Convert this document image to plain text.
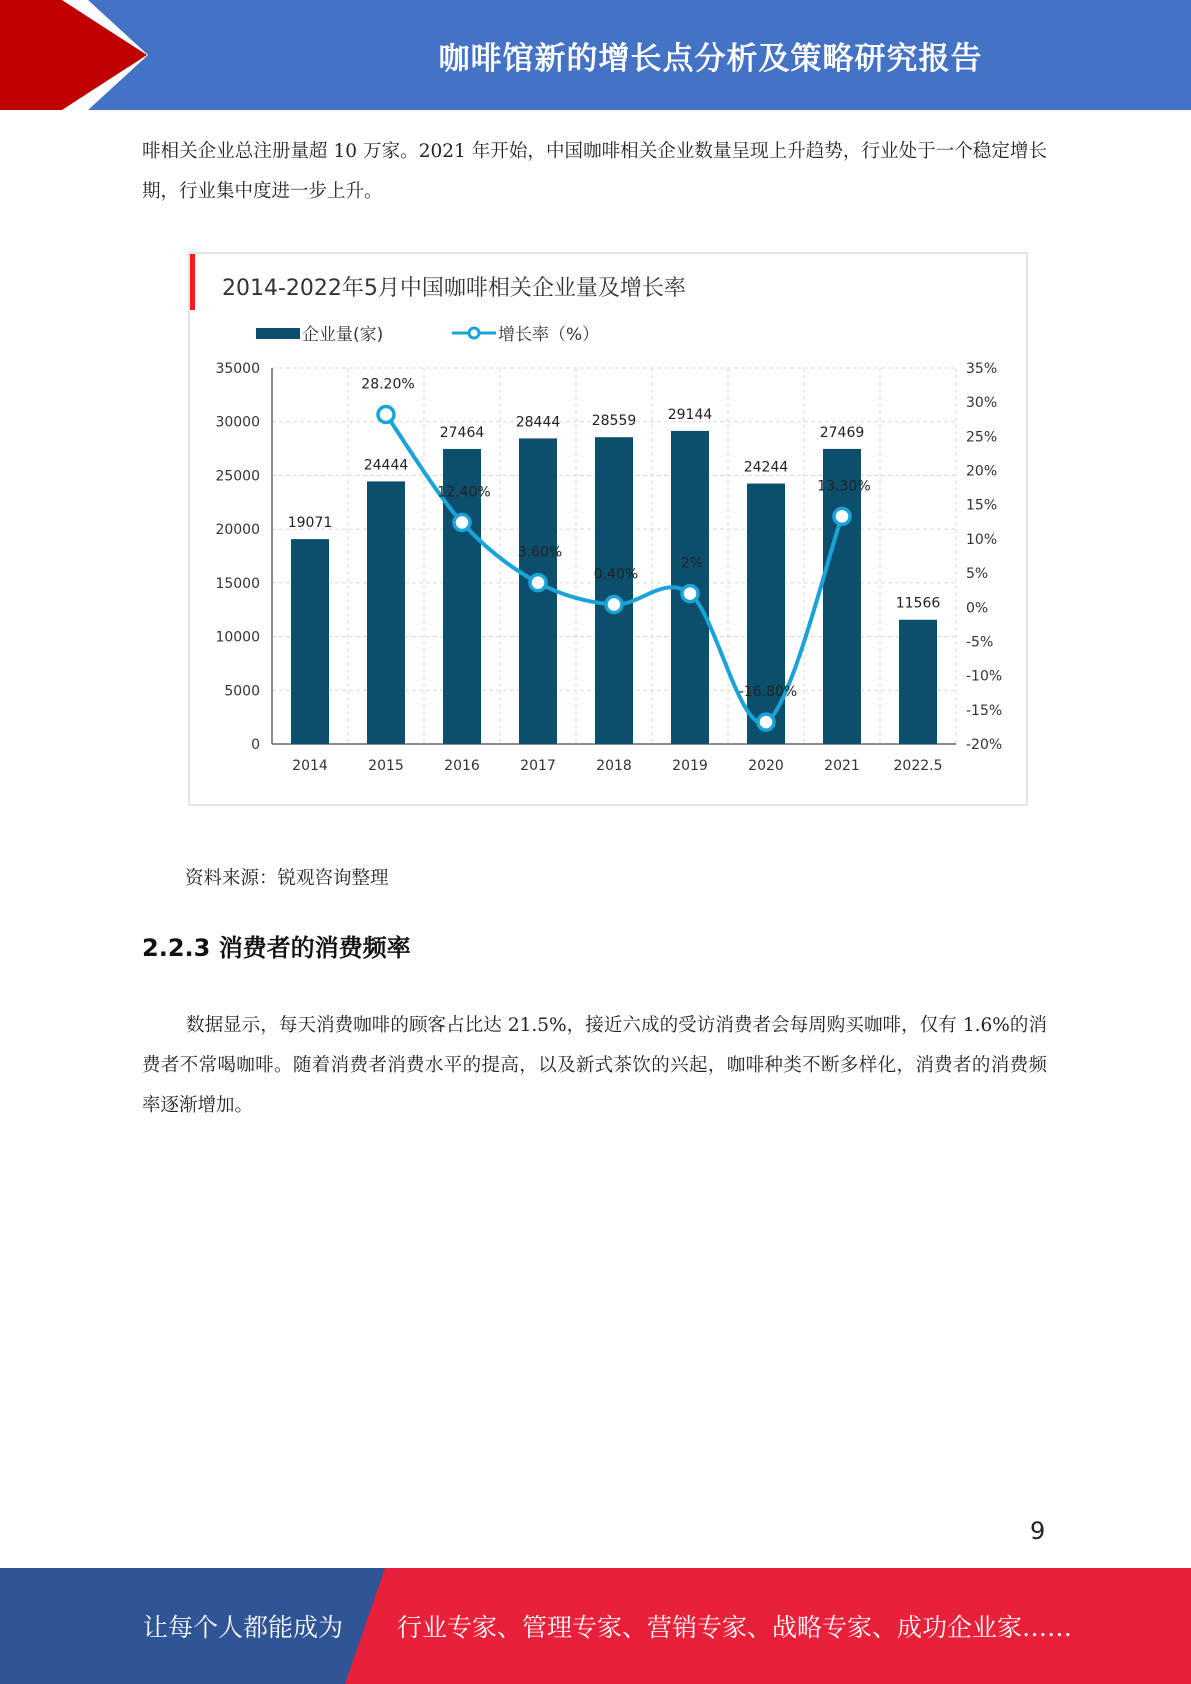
咖啡馆新的增长点分析及策略研究报告
啡相关企业总注册量超 10 万家。2021 年开始，中国咖啡相关企业数量呈现上升趋势，行业处于一个稳定增长期，行业集中度进一步上升。
2014-2022年5月中国咖啡相关企业量及增长率
企业量(家)	增长率（%）
0
5000
10000
15000
20000
25000
30000
35000
-20%
-15%
-10%
-5%
0%
5%
10%
15%
20%
25%
30%
35%
19071
24444
27464
28444 28559 29144
24244
27469
11566
2014	2015	2016	2017	2018	2019	2020	2021 2022.5
28.20%
12.40%
3.60%
0.40%
2%
-16.80%
13.30%
资料来源：锐观咨询整理
2.2.3 消费者的消费频率
数据显示，每天消费咖啡的顾客占比达 21.5%，接近六成的受访消费者会每周购买咖啡，仅有 1.6%的消费者不常喝咖啡。随着消费者消费水平的提高，以及新式茶饮的兴起，咖啡种类不断多样化，消费者的消费频率逐渐增加。
9
让每个人都能成为 行业专家、管理专家、营销专家、战略专家、成功企业家……
